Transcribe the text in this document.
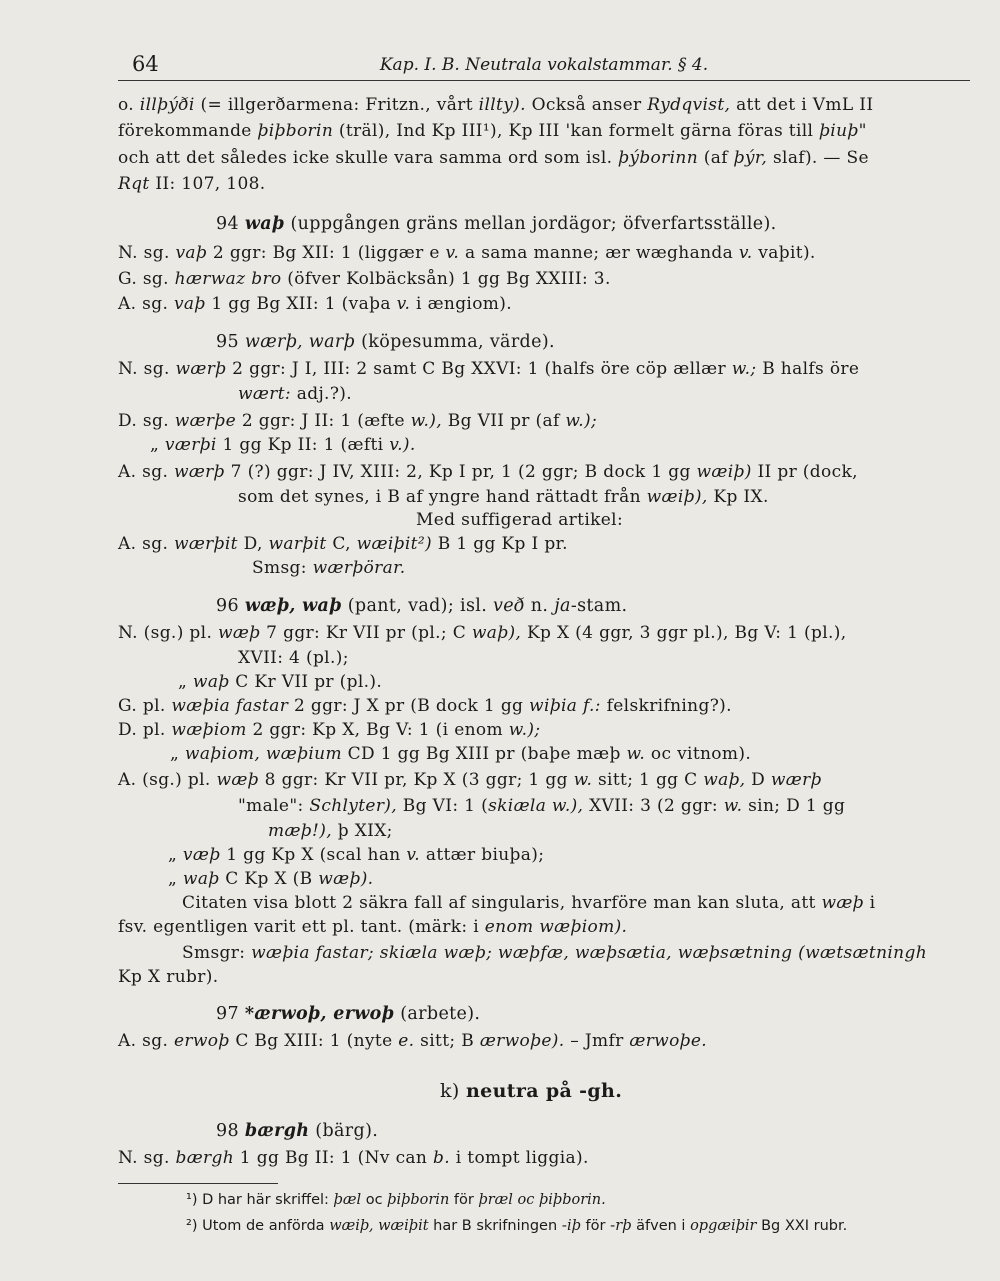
64	Kap. I. B. Neutrala vokalstammar. § 4.
o. illþýði (= illgerðarmena: Fritzn., vårt illty). Också anser Rydqvist, att det i VmL II
förekommande þiþborin (träl), Ind Kp III¹), Kp III 'kan formelt gärna föras till þiuþ"
och att det således icke skulle vara samma ord som isl. þýborinn (af þýr, slaf). — Se
Rqt II: 107, 108.
94 waþ (uppgången gräns mellan jordägor; öfverfartsställe).
N. sg. vaþ 2 ggr: Bg XII: 1 (liggær e v. a sama manne; ær wæghanda v. vaþit).
G. sg. hærwaz bro (öfver Kolbäcksån) 1 gg Bg XXIII: 3.
A. sg. vaþ 1 gg Bg XII: 1 (vaþa v. i ængiom).
95 wærþ, warþ (köpesumma, värde).
N. sg. wærþ 2 ggr: J I, III: 2 samt C Bg XXVI: 1 (halfs öre cöp ællær w.; B halfs öre
wært: adj.?).
D. sg. wærþe 2 ggr: J II: 1 (æfte w.), Bg VII pr (af w.);
„ værþi 1 gg Kp II: 1 (æfti v.).
A. sg. wærþ 7 (?) ggr: J IV, XIII: 2, Kp I pr, 1 (2 ggr; B dock 1 gg wæiþ) II pr (dock,
som det synes, i B af yngre hand rättadt från wæiþ), Kp IX.
Med suffigerad artikel:
A. sg. wærþit D, warþit C, wæiþit²) B 1 gg Kp I pr.
Smsg: wærþörar.
96 wæþ, waþ (pant, vad); isl. veð n. ja-stam.
N. (sg.) pl. wæþ 7 ggr: Kr VII pr (pl.; C waþ), Kp X (4 ggr, 3 ggr pl.), Bg V: 1 (pl.),
XVII: 4 (pl.);
„ waþ C Kr VII pr (pl.).
G. pl. wæþia fastar 2 ggr: J X pr (B dock 1 gg wiþia f.: felskrifning?).
D. pl. wæþiom 2 ggr: Kp X, Bg V: 1 (i enom w.);
„ waþiom, wæþium CD 1 gg Bg XIII pr (baþe mæþ w. oc vitnom).
A. (sg.) pl. wæþ 8 ggr: Kr VII pr, Kp X (3 ggr; 1 gg w. sitt; 1 gg C waþ, D wærþ
"male": Schlyter), Bg VI: 1 (skiæla w.), XVII: 3 (2 ggr: w. sin; D 1 gg
mæþ!), þ XIX;
„ væþ 1 gg Kp X (scal han v. attær biuþa);
„ waþ C Kp X (B wæþ).
Citaten visa blott 2 säkra fall af singularis, hvarföre man kan sluta, att wæþ i
fsv. egentligen varit ett pl. tant. (märk: i enom wæþiom).
Smsgr: wæþia fastar; skiæla wæþ; wæþfæ, wæþsætia, wæþsætning (wætsætningh
Kp X rubr).
97 *ærwoþ, erwoþ (arbete).
A. sg. erwoþ C Bg XIII: 1 (nyte e. sitt; B ærwoþe). – Jmfr ærwoþe.
k) neutra på -gh.
98 bærgh (bärg).
N. sg. bærgh 1 gg Bg II: 1 (Nv can b. i tompt liggia).
¹) D har här skriffel: þæl oc þiþborin för þræl oc þiþborin.
²) Utom de anförda wæiþ, wæiþit har B skrifningen -iþ för -rþ äfven i opgæiþir Bg XXI rubr.
